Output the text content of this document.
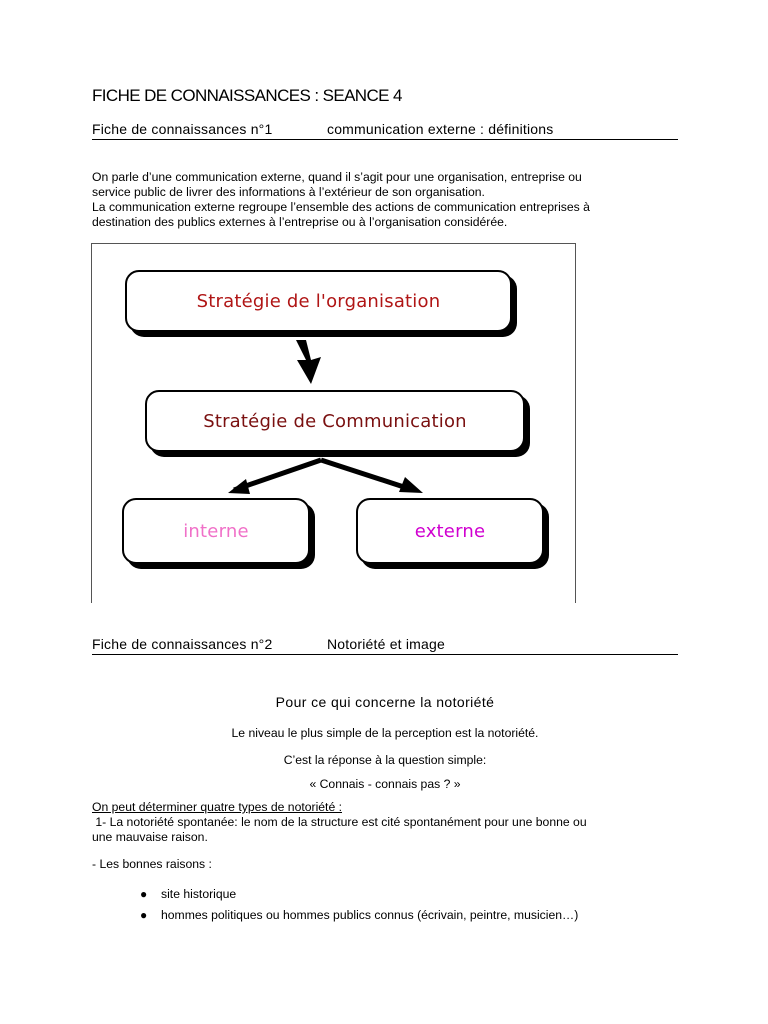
FICHE DE CONNAISSANCES : SEANCE 4
Fiche de connaissances n°1	communication externe : définitions

On parle d’une communication externe, quand il s’agit pour une organisation, entreprise ou

service public de livrer des informations à l’extérieur de son organisation.

La communication externe regroupe l’ensemble des actions de communication entreprises à

destination des publics externes à l’entreprise ou à l’organisation considérée.

Stratégie de l'organisation
Stratégie de Communication
interne	externe
Fiche de connaissances n°2	Notoriété et image
Pour ce qui concerne la notoriété
Le niveau le plus simple de la perception est la notoriété.
C’est la réponse à la question simple:
« Connais - connais pas ? »
On peut déterminer quatre types de notoriété :

1- La notoriété spontanée: le nom de la structure est cité spontanément pour une bonne ou

une mauvaise raison.

- Les bonnes raisons :
● site historique
● hommes politiques ou hommes publics connus (écrivain, peintre, musicien…)
